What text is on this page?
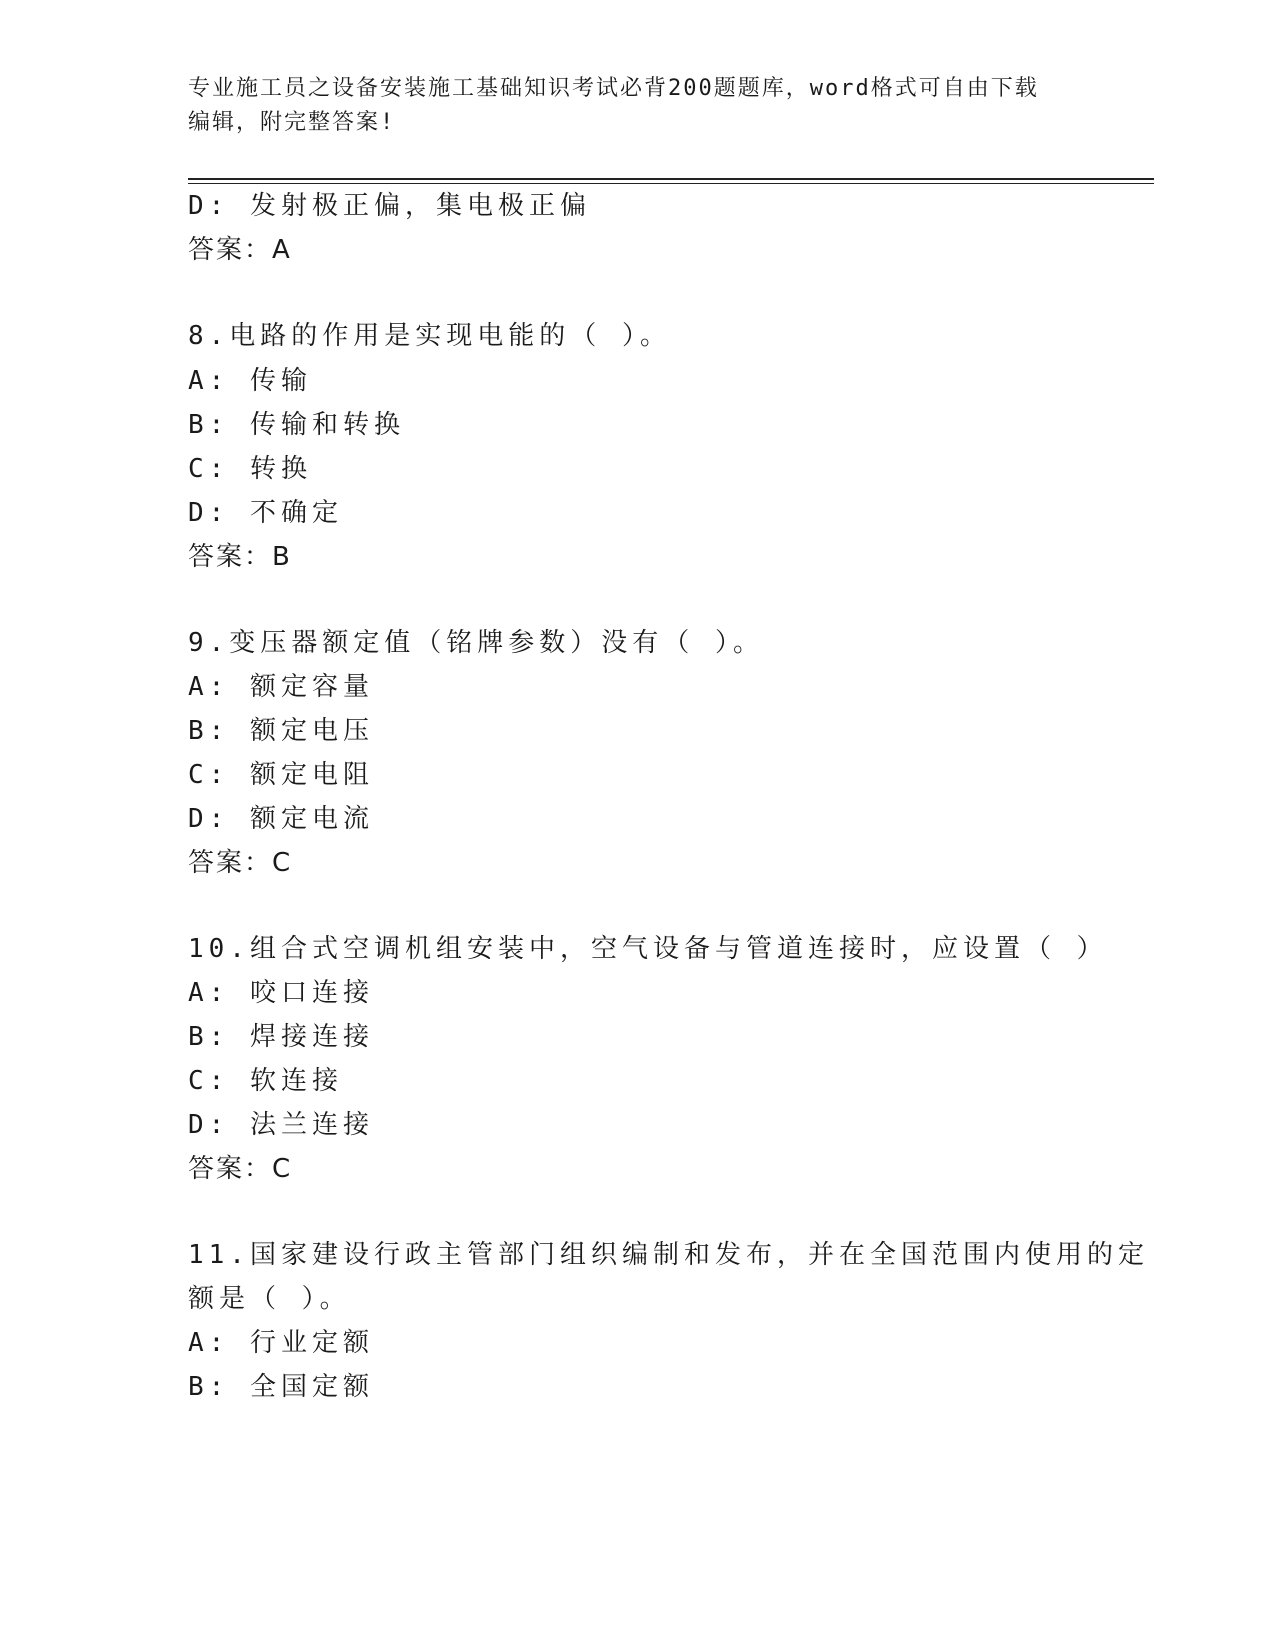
专业施工员之设备安装施工基础知识考试必背200题题库，word格式可自由下载
编辑，附完整答案!
D: 发射极正偏，集电极正偏
答案：A
8.电路的作用是实现电能的（ ）。
A: 传输
B: 传输和转换
C: 转换
D: 不确定
答案：B
9.变压器额定值（铭牌参数）没有（ ）。
A: 额定容量
B: 额定电压
C: 额定电阻
D: 额定电流
答案：C
10.组合式空调机组安装中，空气设备与管道连接时，应设置（ ）
A: 咬口连接
B: 焊接连接
C: 软连接
D: 法兰连接
答案：C
11.国家建设行政主管部门组织编制和发布，并在全国范围内使用的定
额是（ ）。
A: 行业定额
B: 全国定额
